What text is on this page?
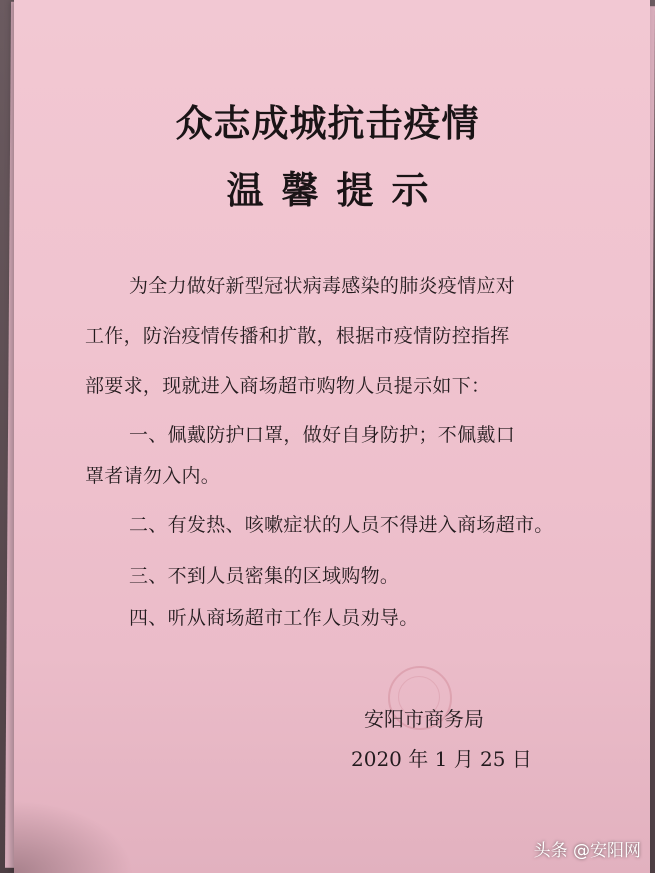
众志成城抗击疫情
温馨提示
为全力做好新型冠状病毒感染的肺炎疫情应对
工作，防治疫情传播和扩散，根据市疫情防控指挥
部要求，现就进入商场超市购物人员提示如下：
一、佩戴防护口罩，做好自身防护；不佩戴口
罩者请勿入内。
二、有发热、咳嗽症状的人员不得进入商场超市。
三、不到人员密集的区域购物。
四、听从商场超市工作人员劝导。
安阳市商务局
2020 年 1 月 25 日
头条 @安阳网
